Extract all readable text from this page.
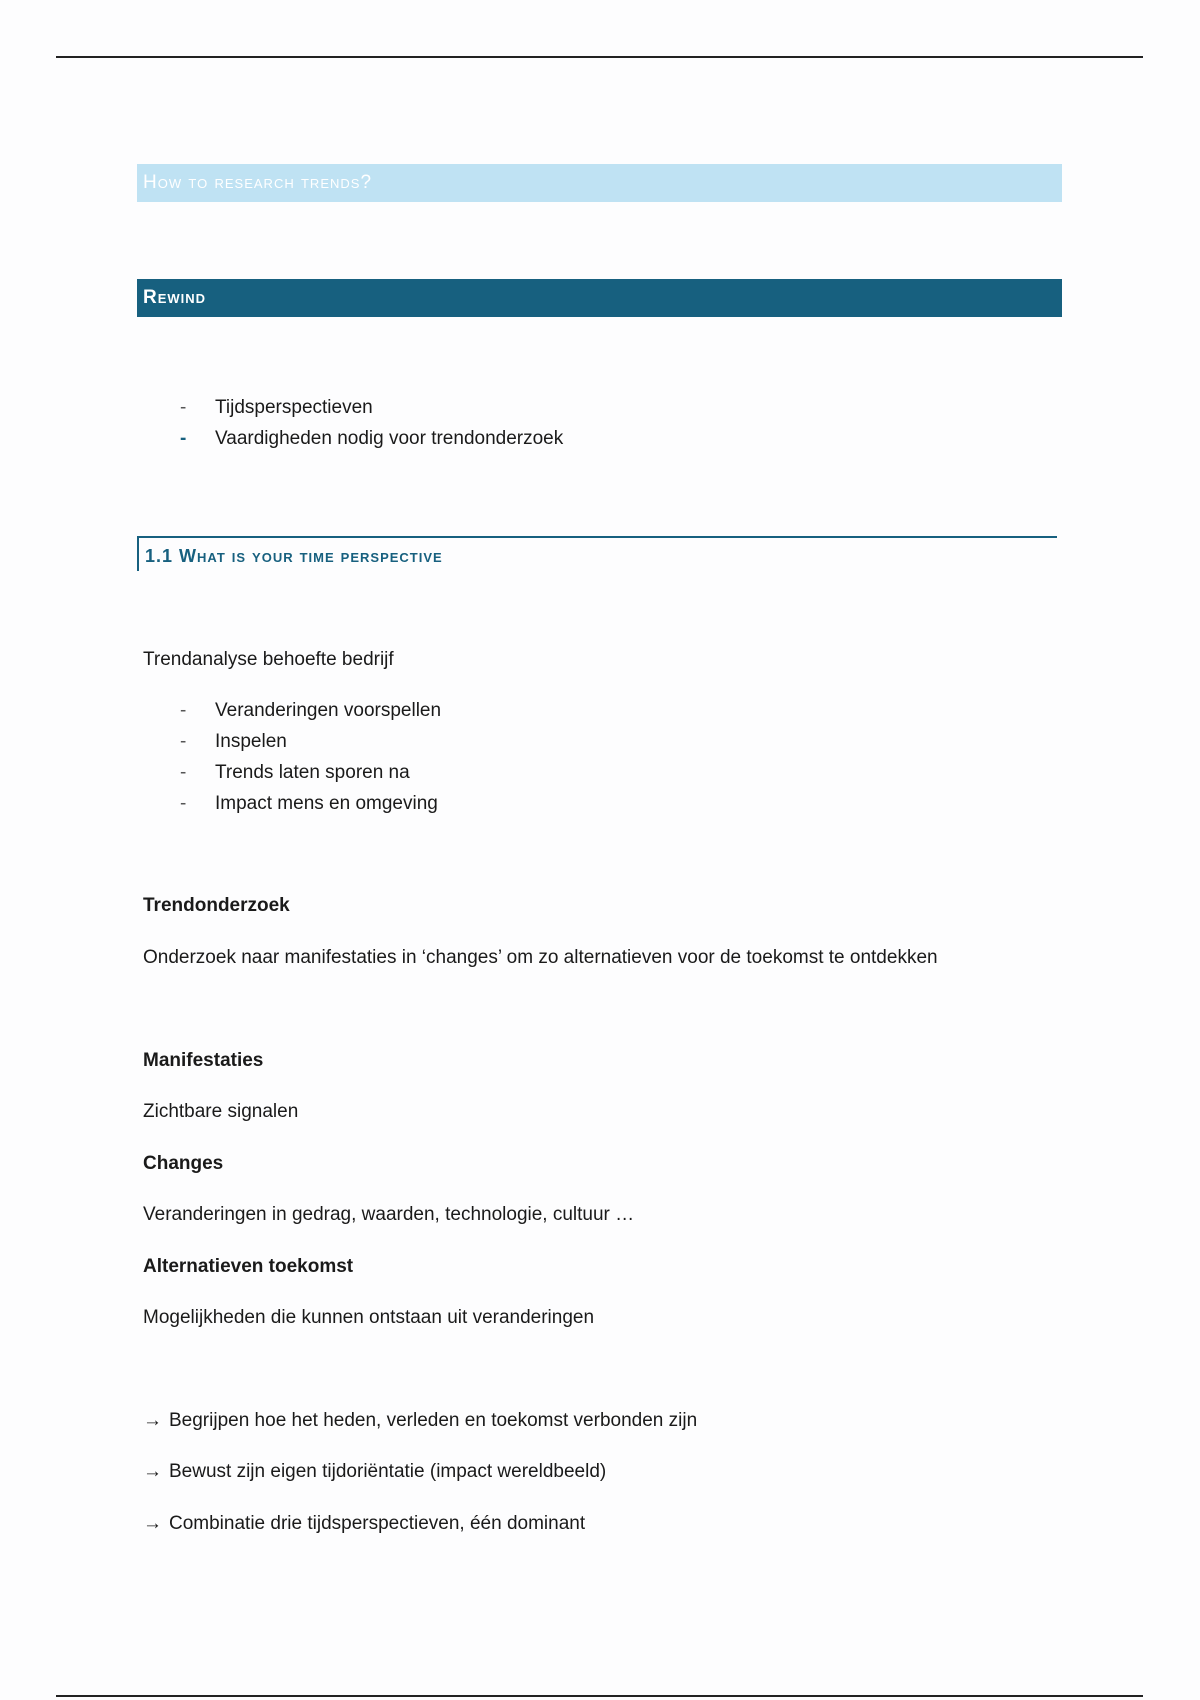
How to research trends?
Rewind
- Tijdsperspectieven
- Vaardigheden nodig voor trendonderzoek
1.1 What is your time perspective
Trendanalyse behoefte bedrijf
- Veranderingen voorspellen
- Inspelen
- Trends laten sporen na
- Impact mens en omgeving
Trendonderzoek
Onderzoek naar manifestaties in ‘changes’ om zo alternatieven voor de toekomst te ontdekken
Manifestaties
Zichtbare signalen
Changes
Veranderingen in gedrag, waarden, technologie, cultuur …
Alternatieven toekomst
Mogelijkheden die kunnen ontstaan uit veranderingen
→ Begrijpen hoe het heden, verleden en toekomst verbonden zijn
→ Bewust zijn eigen tijdoriëntatie (impact wereldbeeld)
→ Combinatie drie tijdsperspectieven, één dominant
